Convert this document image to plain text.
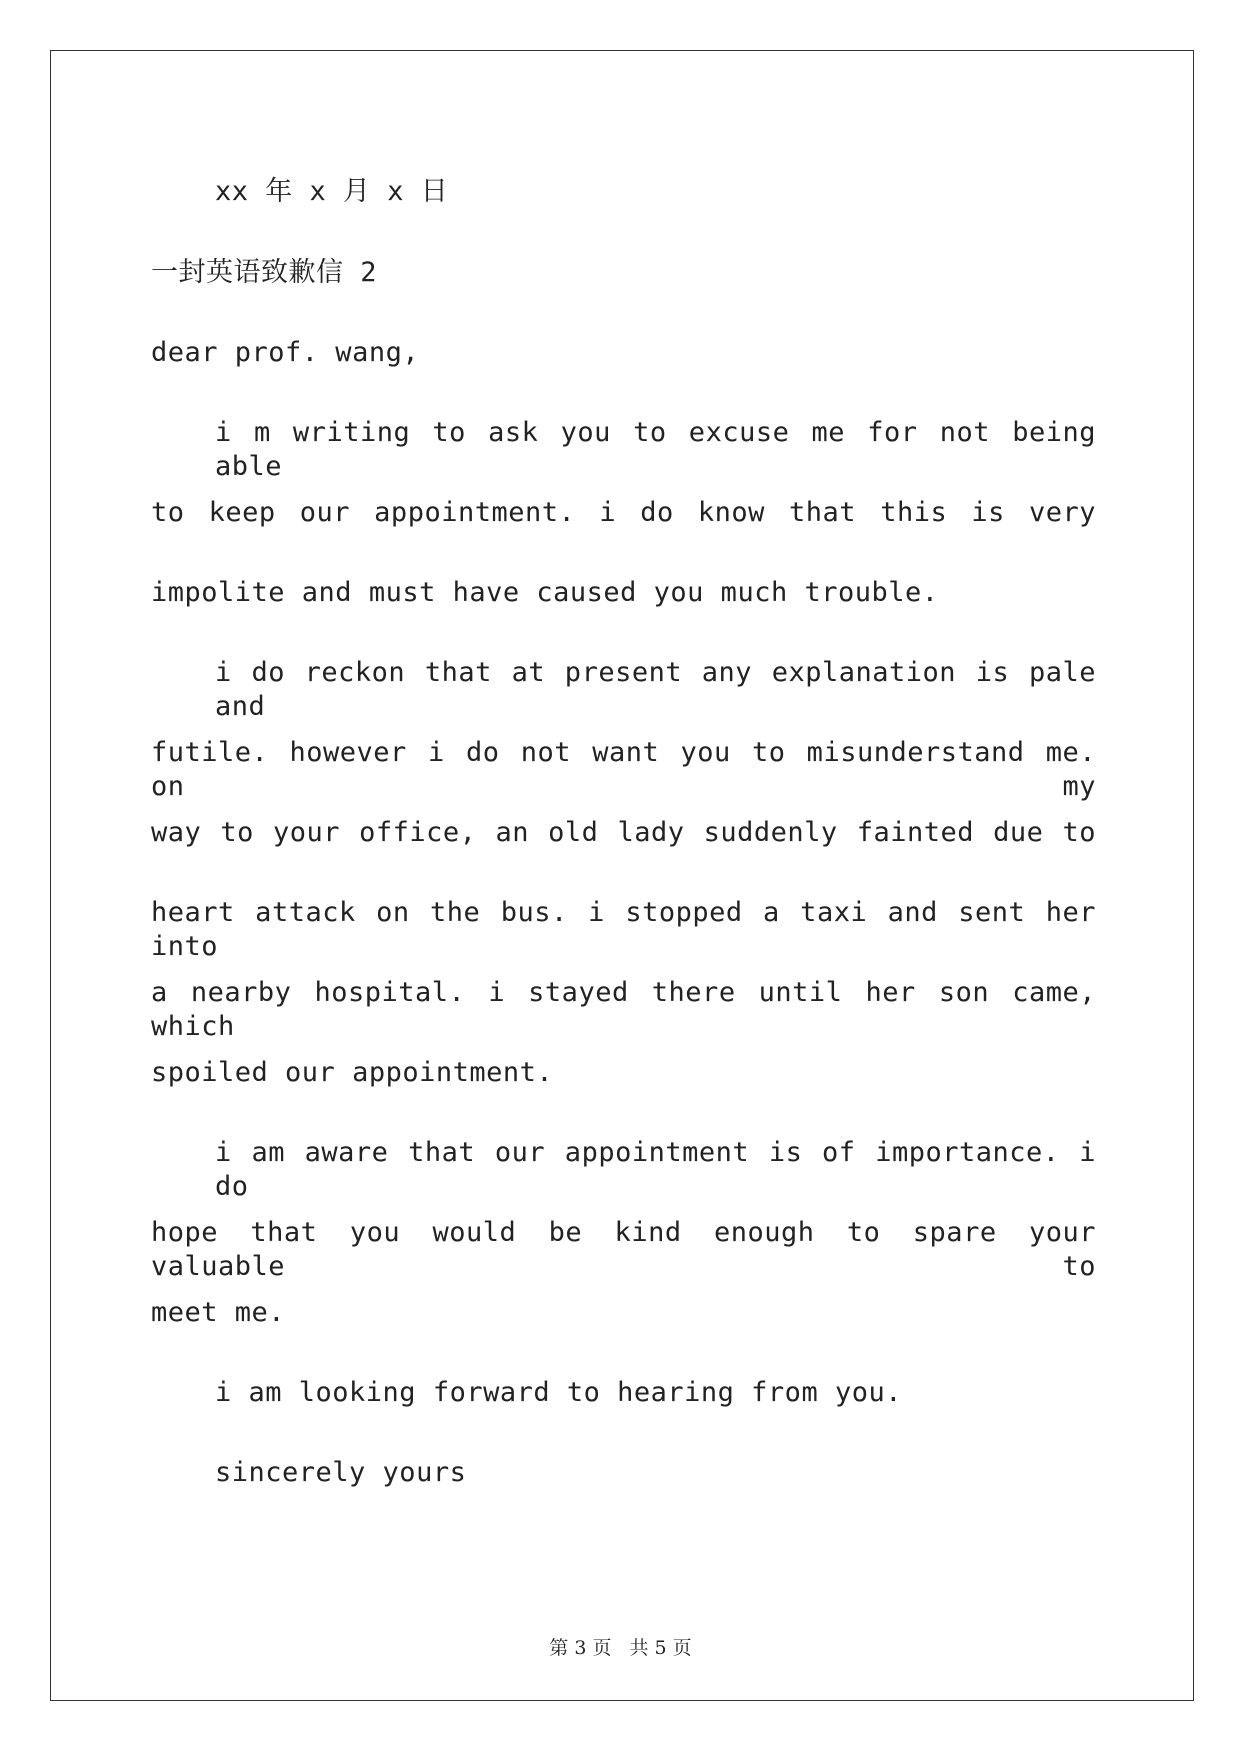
xx 年 x 月 x 日
一封英语致歉信 2
dear prof. wang,
i m writing to ask you to excuse me for not being able
to keep our appointment. i do know that this is very
impolite and must have caused you much trouble.
i do reckon that at present any explanation is pale and
futile. however i do not want you to misunderstand me. on my
way to your office, an old lady suddenly fainted due to
heart attack on the bus. i stopped a taxi and sent her into
a nearby hospital. i stayed there until her son came, which
spoiled our appointment.
i am aware that our appointment is of importance. i do
hope that you would be kind enough to spare your valuable to
meet me.
i am looking forward to hearing from you.
sincerely yours
第 3 页 共 5 页
